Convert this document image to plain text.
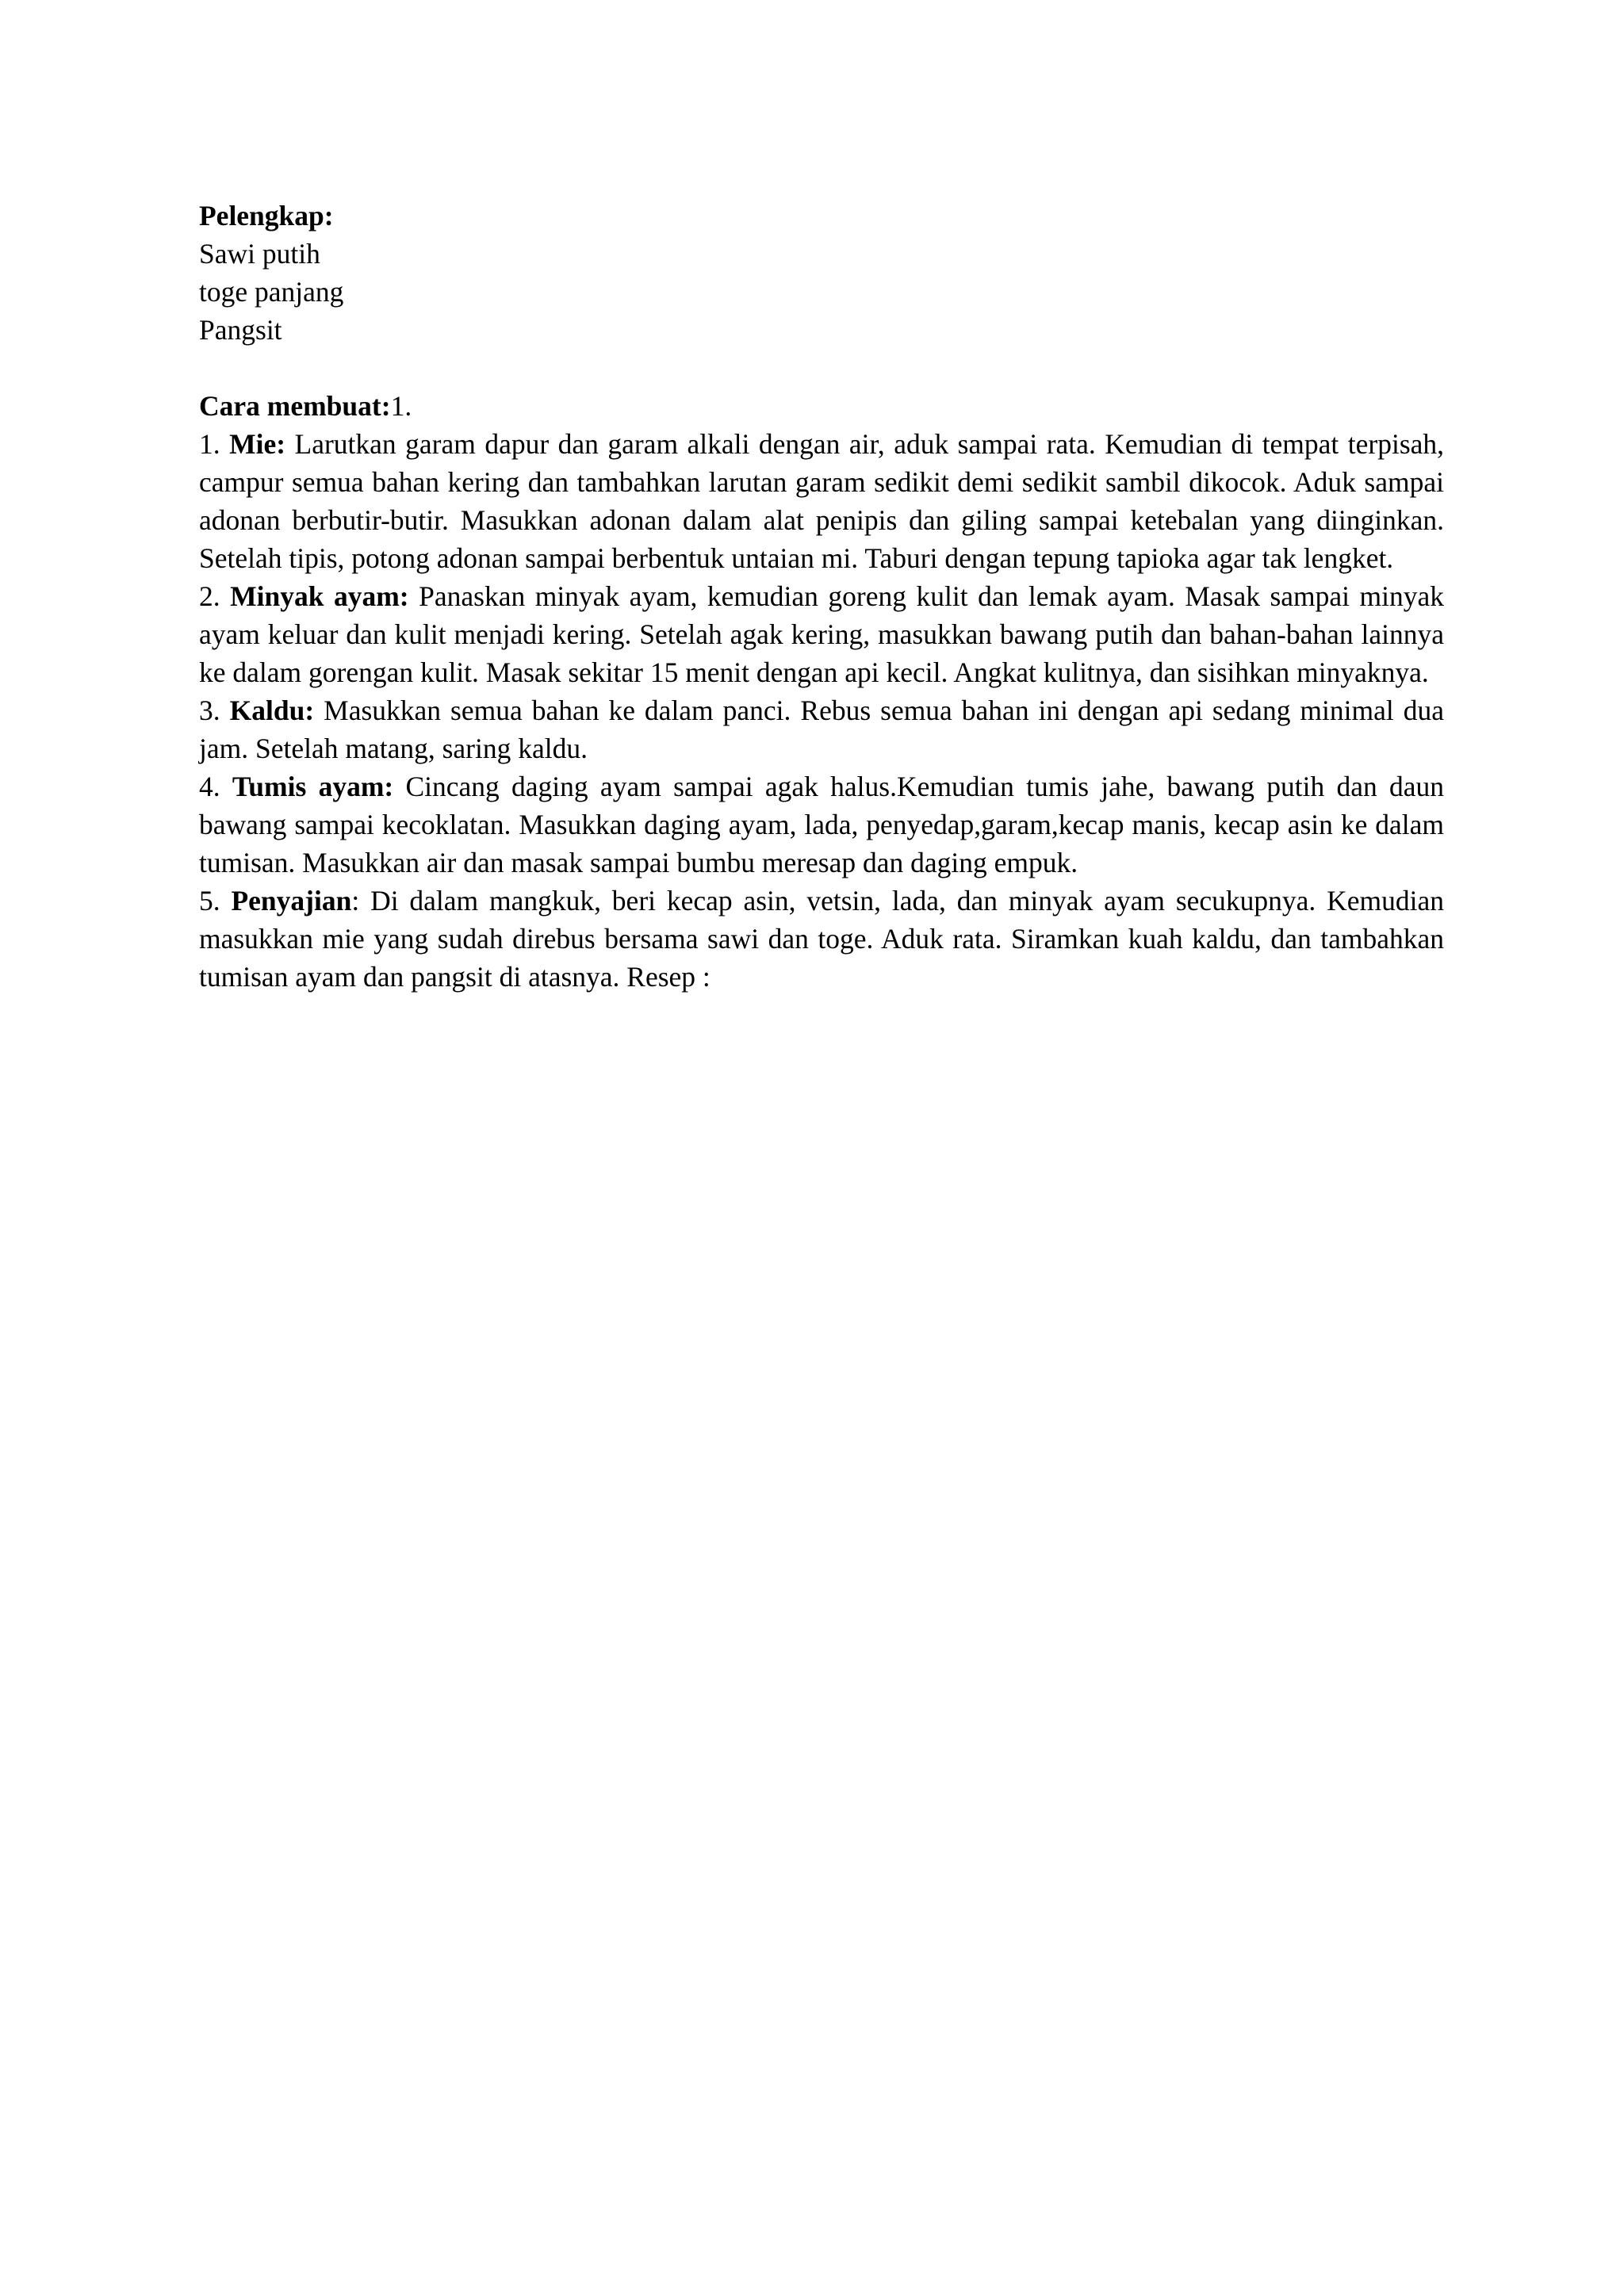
Pelengkap:
Sawi putih
toge panjang
Pangsit
Cara membuat:1.
1. Mie: Larutkan garam dapur dan garam alkali dengan air, aduk sampai rata. Kemudian di tempat terpisah, campur semua bahan kering dan tambahkan larutan garam sedikit demi sedikit sambil dikocok. Aduk sampai adonan berbutir-butir. Masukkan adonan dalam alat penipis dan giling sampai ketebalan yang diinginkan. Setelah tipis, potong adonan sampai berbentuk untaian mi. Taburi dengan tepung tapioka agar tak lengket.
2. Minyak ayam: Panaskan minyak ayam, kemudian goreng kulit dan lemak ayam. Masak sampai minyak ayam keluar dan kulit menjadi kering. Setelah agak kering, masukkan bawang putih dan bahan-bahan lainnya ke dalam gorengan kulit. Masak sekitar 15 menit dengan api kecil. Angkat kulitnya, dan sisihkan minyaknya.
3. Kaldu: Masukkan semua bahan ke dalam panci. Rebus semua bahan ini dengan api sedang minimal dua jam. Setelah matang, saring kaldu.
4. Tumis ayam: Cincang daging ayam sampai agak halus.Kemudian tumis jahe, bawang putih dan daun bawang sampai kecoklatan. Masukkan daging ayam, lada, penyedap,garam,kecap manis, kecap asin ke dalam tumisan. Masukkan air dan masak sampai bumbu meresap dan daging empuk.
5. Penyajian: Di dalam mangkuk, beri kecap asin, vetsin, lada, dan minyak ayam secukupnya. Kemudian masukkan mie yang sudah direbus bersama sawi dan toge. Aduk rata. Siramkan kuah kaldu, dan tambahkan tumisan ayam dan pangsit di atasnya. Resep :
